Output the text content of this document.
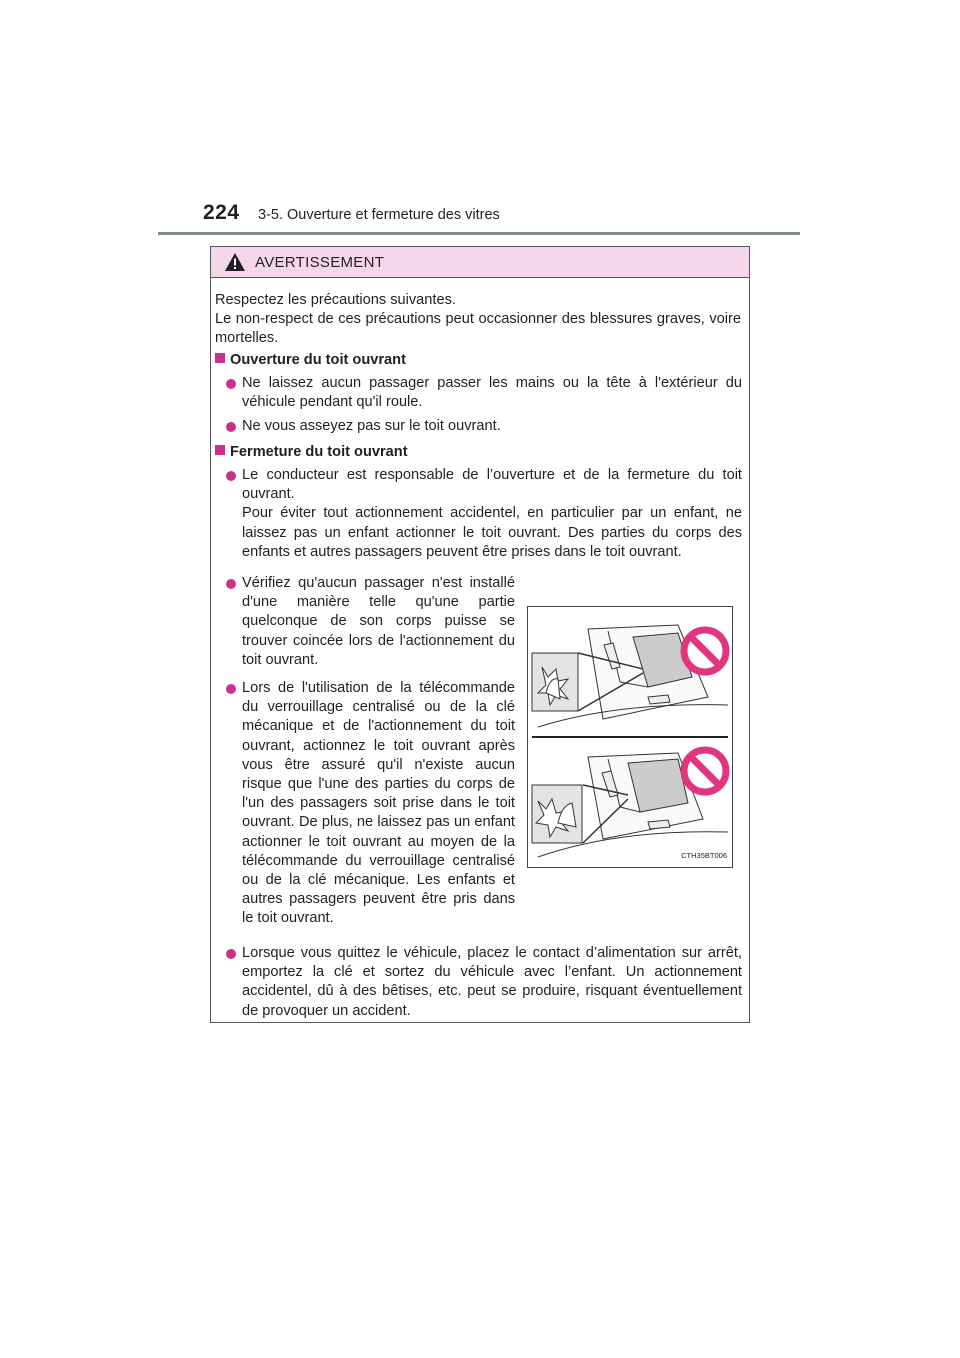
224 3-5. Ouverture et fermeture des vitres
AVERTISSEMENT
Respectez les précautions suivantes.
Le non-respect de ces précautions peut occasionner des blessures graves, voire mortelles.
Ouverture du toit ouvrant
Ne laissez aucun passager passer les mains ou la tête à l'extérieur du véhicule pendant qu'il roule.
Ne vous asseyez pas sur le toit ouvrant.
Fermeture du toit ouvrant
Le conducteur est responsable de l’ouverture et de la fermeture du toit ouvrant.
Pour éviter tout actionnement accidentel, en particulier par un enfant, ne laissez pas un enfant actionner le toit ouvrant. Des parties du corps des enfants et autres passagers peuvent être prises dans le toit ouvrant.
Vérifiez qu'aucun passager n'est installé d'une manière telle qu'une partie quelconque de son corps puisse se trouver coincée lors de l'actionnement du toit ouvrant.
Lors de l'utilisation de la télécommande du verrouillage centralisé ou de la clé mécanique et de l'actionnement du toit ouvrant, actionnez le toit ouvrant après vous être assuré qu'il n'existe aucun risque que l'une des parties du corps de l'un des passagers soit prise dans le toit ouvrant. De plus, ne laissez pas un enfant actionner le toit ouvrant au moyen de la télécommande du verrouillage centralisé ou de la clé mécanique. Les enfants et autres passagers peuvent être pris dans le toit ouvrant.
Lorsque vous quittez le véhicule, placez le contact d’alimentation sur arrêt, emportez la clé et sortez du véhicule avec l’enfant. Un actionnement accidentel, dû à des bêtises, etc. peut se produire, risquant éventuellement de provoquer un accident.
CTH35BT006
